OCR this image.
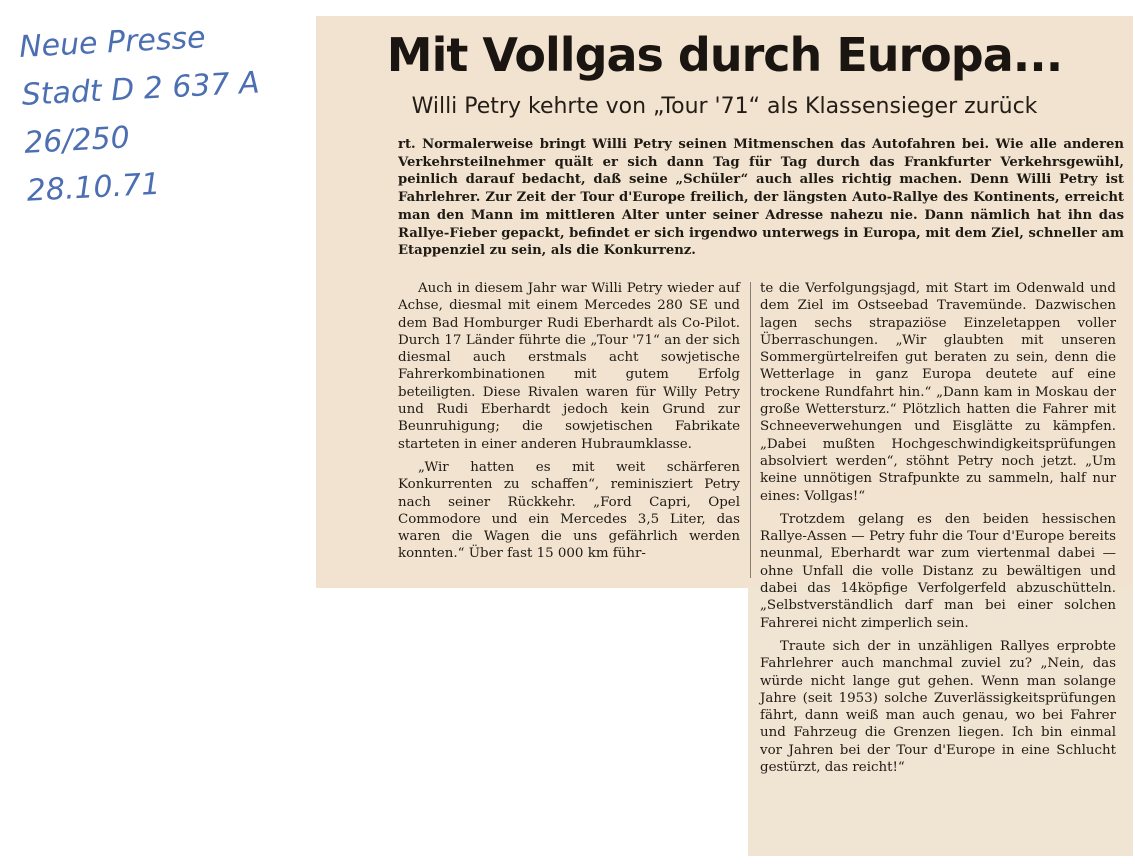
Neue Presse
Stadt D 2 637 A
26/250
28.10.71
Mit Vollgas durch Europa...
Willi Petry kehrte von „Tour '71“ als Klassensieger zurück

rt. Normalerweise bringt Willi Petry seinen Mitmenschen das Autofahren bei. Wie alle anderen Verkehrsteilnehmer quält er sich dann Tag für Tag durch das Frankfurter Verkehrsgewühl, peinlich darauf bedacht, daß seine „Schüler“ auch alles richtig machen. Denn Willi Petry ist Fahrlehrer. Zur Zeit der Tour d'Europe freilich, der längsten Auto-Rallye des Kontinents, erreicht man den Mann im mittleren Alter unter seiner Adresse nahezu nie. Dann nämlich hat ihn das Rallye-Fieber gepackt, befindet er sich irgendwo unterwegs in Europa, mit dem Ziel, schneller am Etappenziel zu sein, als die Konkurrenz.

Auch in diesem Jahr war Willi Petry wieder auf Achse, diesmal mit einem Mercedes 280 SE und dem Bad Homburger Rudi Eberhardt als Co-Pilot. Durch 17 Länder führte die „Tour '71“ an der sich diesmal auch erstmals acht sowjetische Fahrerkombinationen mit gutem Erfolg beteiligten. Diese Rivalen waren für Willy Petry und Rudi Eberhardt jedoch kein Grund zur Beunruhigung; die sowjetischen Fabrikate starteten in einer anderen Hubraumklasse.

„Wir hatten es mit weit schärferen Konkurrenten zu schaffen“, reminisziert Petry nach seiner Rückkehr. „Ford Capri, Opel Commodore und ein Mercedes 3,5 Liter, das waren die Wagen die uns gefährlich werden konnten.“ Über fast 15 000 km führ-

te die Verfolgungsjagd, mit Start im Odenwald und dem Ziel im Ostseebad Travemünde. Dazwischen lagen sechs strapaziöse Einzeletappen voller Überraschungen. „Wir glaubten mit unseren Sommergürtelreifen gut beraten zu sein, denn die Wetterlage in ganz Europa deutete auf eine trockene Rundfahrt hin.“ „Dann kam in Moskau der große Wettersturz.“ Plötzlich hatten die Fahrer mit Schneeverwehungen und Eisglätte zu kämpfen. „Dabei mußten Hochgeschwindigkeitsprüfungen absolviert werden“, stöhnt Petry noch jetzt. „Um keine unnötigen Strafpunkte zu sammeln, half nur eines: Vollgas!“

Trotzdem gelang es den beiden hessischen Rallye-Assen — Petry fuhr die Tour d'Europe bereits neunmal, Eberhardt war zum viertenmal dabei — ohne Unfall die volle Distanz zu bewältigen und dabei das 14köpfige Verfolgerfeld abzuschütteln. „Selbstverständlich darf man bei einer solchen Fahrerei nicht zimperlich sein.

Traute sich der in unzähligen Rallyes erprobte Fahrlehrer auch manchmal zuviel zu? „Nein, das würde nicht lange gut gehen. Wenn man solange Jahre (seit 1953) solche Zuverlässigkeitsprüfungen fährt, dann weiß man auch genau, wo bei Fahrer und Fahrzeug die Grenzen liegen. Ich bin einmal vor Jahren bei der Tour d'Europe in eine Schlucht gestürzt, das reicht!“
